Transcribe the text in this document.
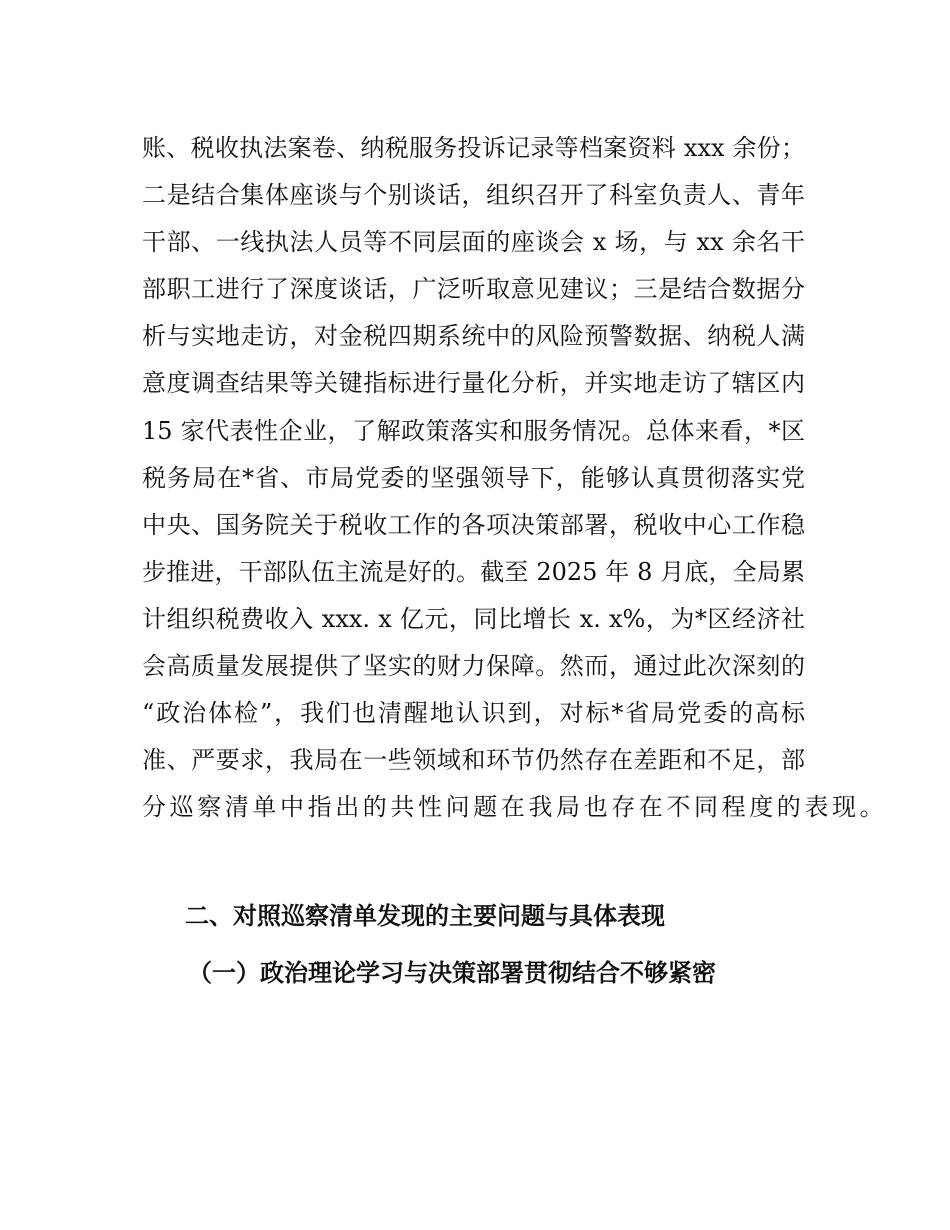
账、税收执法案卷、纳税服务投诉记录等档案资料 xxx 余份；
二是结合集体座谈与个别谈话，组织召开了科室负责人、青年
干部、一线执法人员等不同层面的座谈会 x 场，与 xx 余名干
部职工进行了深度谈话，广泛听取意见建议；三是结合数据分
析与实地走访，对金税四期系统中的风险预警数据、纳税人满
意度调查结果等关键指标进行量化分析，并实地走访了辖区内
15 家代表性企业，了解政策落实和服务情况。总体来看，*区
税务局在*省、市局党委的坚强领导下，能够认真贯彻落实党
中央、国务院关于税收工作的各项决策部署，税收中心工作稳
步推进，干部队伍主流是好的。截至 2025 年 8 月底，全局累
计组织税费收入 xxx. x 亿元，同比增长 x. x%，为*区经济社
会高质量发展提供了坚实的财力保障。然而，通过此次深刻的
“政治体检”，我们也清醒地认识到，对标*省局党委的高标
准、严要求，我局在一些领域和环节仍然存在差距和不足，部
分巡察清单中指出的共性问题在我局也存在不同程度的表现。
二、对照巡察清单发现的主要问题与具体表现
（一）政治理论学习与决策部署贯彻结合不够紧密
